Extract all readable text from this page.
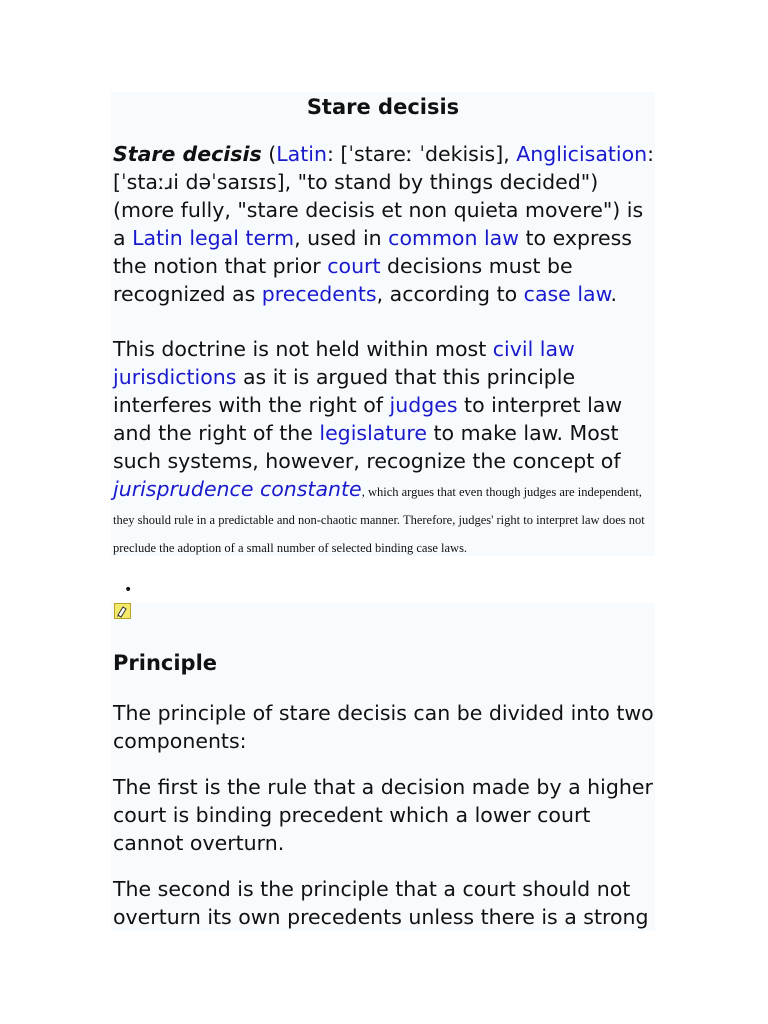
Stare decisis

Stare decisis (Latin: [ˈstareː ˈdekisis], Anglicisation: [ˈstaːɹi dəˈsaɪsɪs], "to stand by things decided") (more fully, "stare decisis et non quieta movere") is a Latin legal term, used in common law to express the notion that prior court decisions must be recognized as precedents, according to case law.

This doctrine is not held within most civil law jurisdictions as it is argued that this principle interferes with the right of judges to interpret law and the right of the legislature to make law. Most such systems, however, recognize the concept of jurisprudence constante, which argues that even though judges are independent, they should rule in a predictable and non-chaotic manner. Therefore, judges' right to interpret law does not preclude the adoption of a small number of selected binding case laws.

•
Principle

The principle of stare decisis can be divided into two components:

The first is the rule that a decision made by a higher court is binding precedent which a lower court cannot overturn.

The second is the principle that a court should not overturn its own precedents unless there is a strong
